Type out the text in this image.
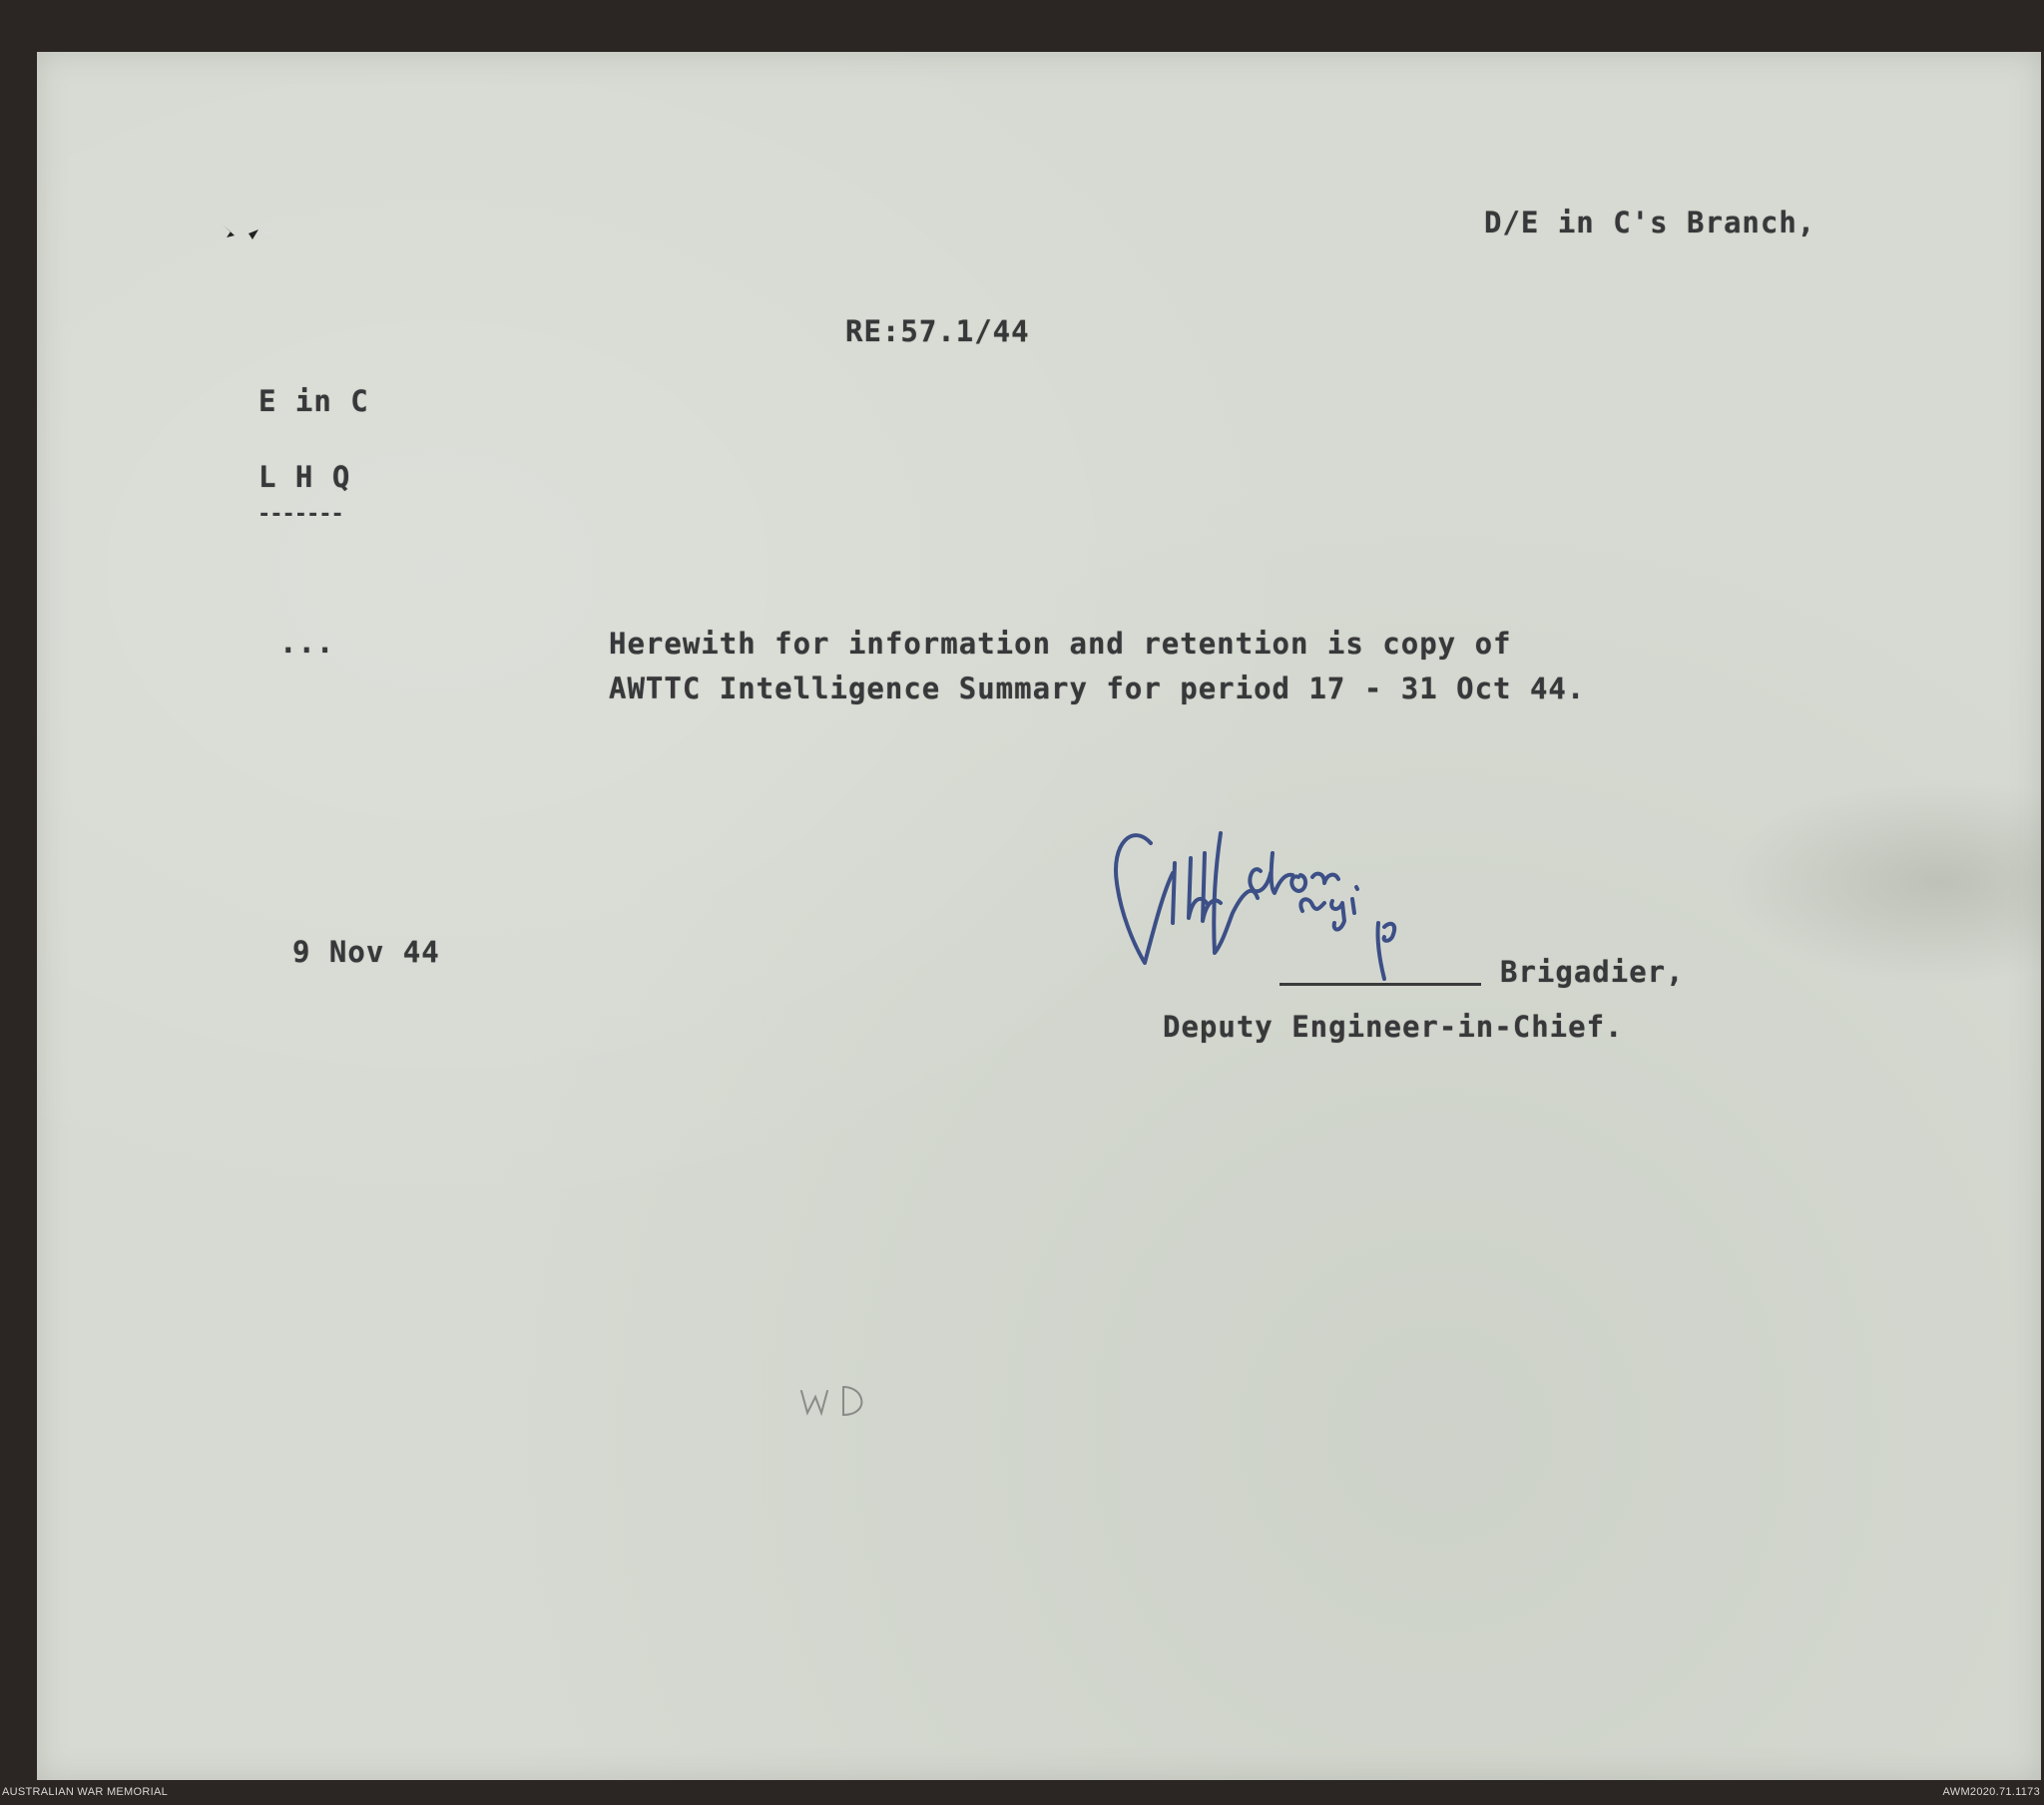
D/E in C's Branch,
RE:57.1/44
E in C
L H Q
-------
...	Herewith for information and retention is copy of
AWTTC Intelligence Summary for period 17 - 31 Oct 44.
9 Nov 44
Brigadier,
Deputy Engineer-in-Chief.
AUSTRALIAN WAR MEMORIAL	AWM2020.71.1173
